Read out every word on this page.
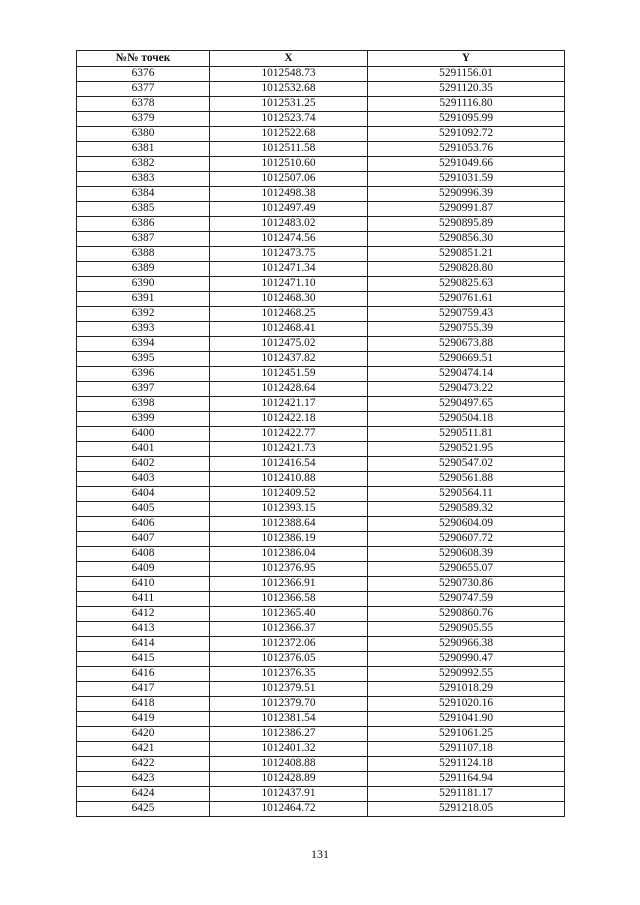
№№ точек	X	Y
6376	1012548.73	5291156.01
6377	1012532.68	5291120.35
6378	1012531.25	5291116.80
6379	1012523.74	5291095.99
6380	1012522.68	5291092.72
6381	1012511.58	5291053.76
6382	1012510.60	5291049.66
6383	1012507.06	5291031.59
6384	1012498.38	5290996.39
6385	1012497.49	5290991.87
6386	1012483.02	5290895.89
6387	1012474.56	5290856.30
6388	1012473.75	5290851.21
6389	1012471.34	5290828.80
6390	1012471.10	5290825.63
6391	1012468.30	5290761.61
6392	1012468.25	5290759.43
6393	1012468.41	5290755.39
6394	1012475.02	5290673.88
6395	1012437.82	5290669.51
6396	1012451.59	5290474.14
6397	1012428.64	5290473.22
6398	1012421.17	5290497.65
6399	1012422.18	5290504.18
6400	1012422.77	5290511.81
6401	1012421.73	5290521.95
6402	1012416.54	5290547.02
6403	1012410.88	5290561.88
6404	1012409.52	5290564.11
6405	1012393.15	5290589.32
6406	1012388.64	5290604.09
6407	1012386.19	5290607.72
6408	1012386.04	5290608.39
6409	1012376.95	5290655.07
6410	1012366.91	5290730.86
6411	1012366.58	5290747.59
6412	1012365.40	5290860.76
6413	1012366.37	5290905.55
6414	1012372.06	5290966.38
6415	1012376.05	5290990.47
6416	1012376.35	5290992.55
6417	1012379.51	5291018.29
6418	1012379.70	5291020.16
6419	1012381.54	5291041.90
6420	1012386.27	5291061.25
6421	1012401.32	5291107.18
6422	1012408.88	5291124.18
6423	1012428.89	5291164.94
6424	1012437.91	5291181.17
6425	1012464.72	5291218.05
131
